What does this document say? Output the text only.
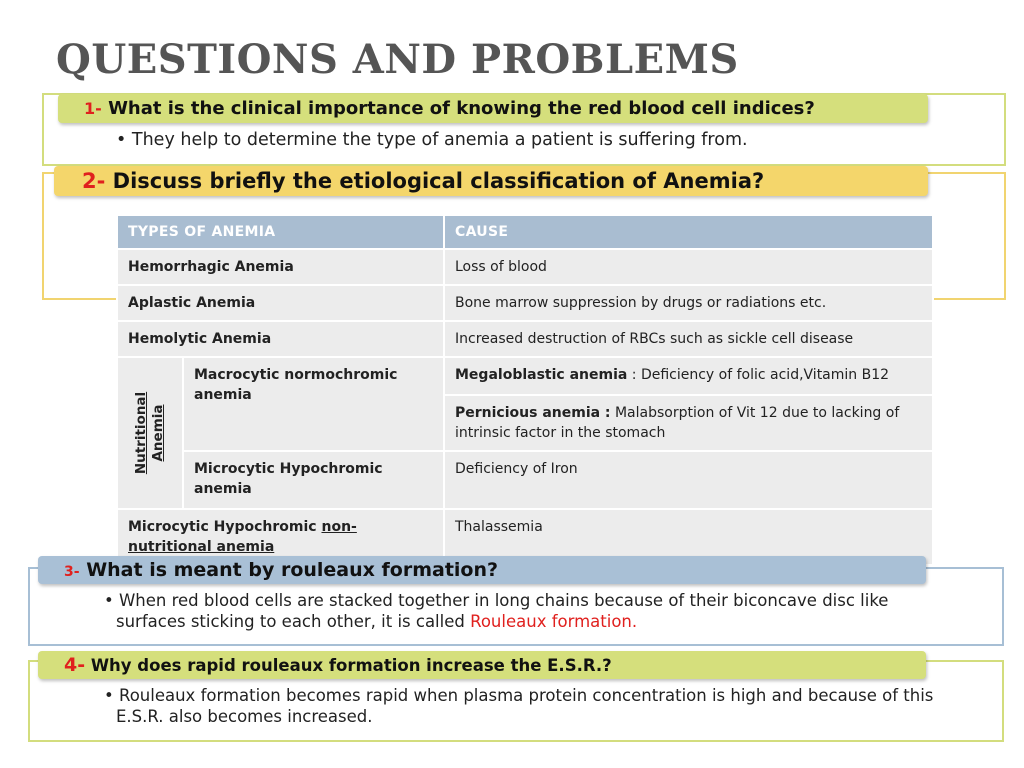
QUESTIONS AND PROBLEMS
1- What is the clinical importance of knowing the red blood cell indices?
• They help to determine the type of anemia a patient is suffering from.
2- Discuss briefly the etiological classification of Anemia?
TYPES OF ANEMIA		CAUSE
Hemorrhagic Anemia		Loss of blood
Aplastic Anemia		Bone marrow suppression by drugs or radiations etc.
Hemolytic Anemia		Increased destruction of RBCs such as sickle cell disease

Nutritional Anemia	Macrocytic normochromic anemia	Megaloblastic anemia : Deficiency of folic acid,Vitamin B12
		Pernicious anemia : Malabsorption of Vit 12 due to lacking of intrinsic factor in the stomach
	Microcytic Hypochromic anemia	Deficiency of Iron
Microcytic Hypochromic non-nutritional anemia		Thalassemia
3- What is meant by rouleaux formation?
• When red blood cells are stacked together in long chains because of their biconcave disc like
surfaces sticking to each other, it is called Rouleaux formation.
4- Why does rapid rouleaux formation increase the E.S.R.?
• Rouleaux formation becomes rapid when plasma protein concentration is high and because of this
E.S.R. also becomes increased.
